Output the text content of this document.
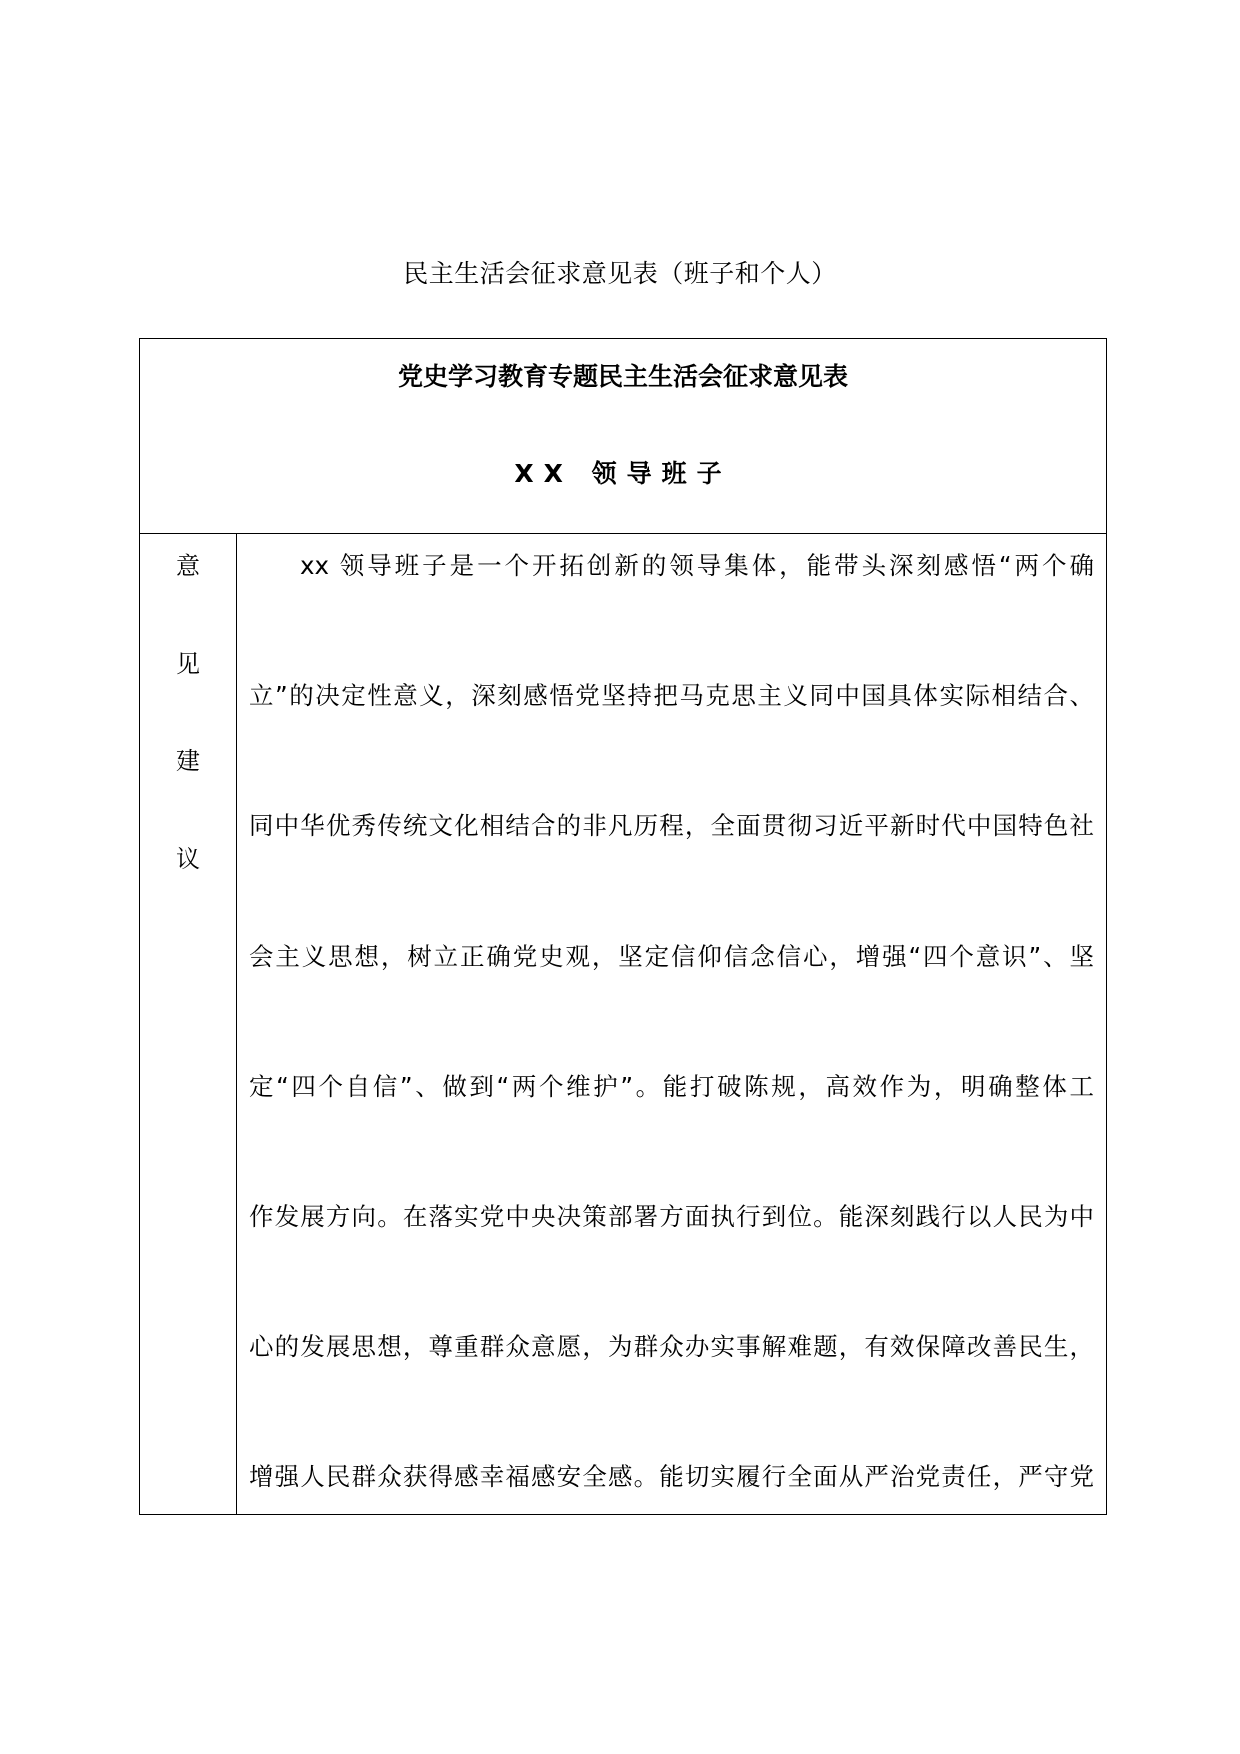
民主生活会征求意见表（班子和个人）
党史学习教育专题民主生活会征求意见表
XX 领导班子
意
见
建
议
xx 领导班子是一个开拓创新的领导集体，能带头深刻感悟“两个确
立”的决定性意义，深刻感悟党坚持把马克思主义同中国具体实际相结合、
同中华优秀传统文化相结合的非凡历程，全面贯彻习近平新时代中国特色社
会主义思想，树立正确党史观，坚定信仰信念信心，增强“四个意识”、坚
定“四个自信”、做到“两个维护”。能打破陈规，高效作为，明确整体工
作发展方向。在落实党中央决策部署方面执行到位。能深刻践行以人民为中
心的发展思想，尊重群众意愿，为群众办实事解难题，有效保障改善民生，
增强人民群众获得感幸福感安全感。能切实履行全面从严治党责任，严守党
